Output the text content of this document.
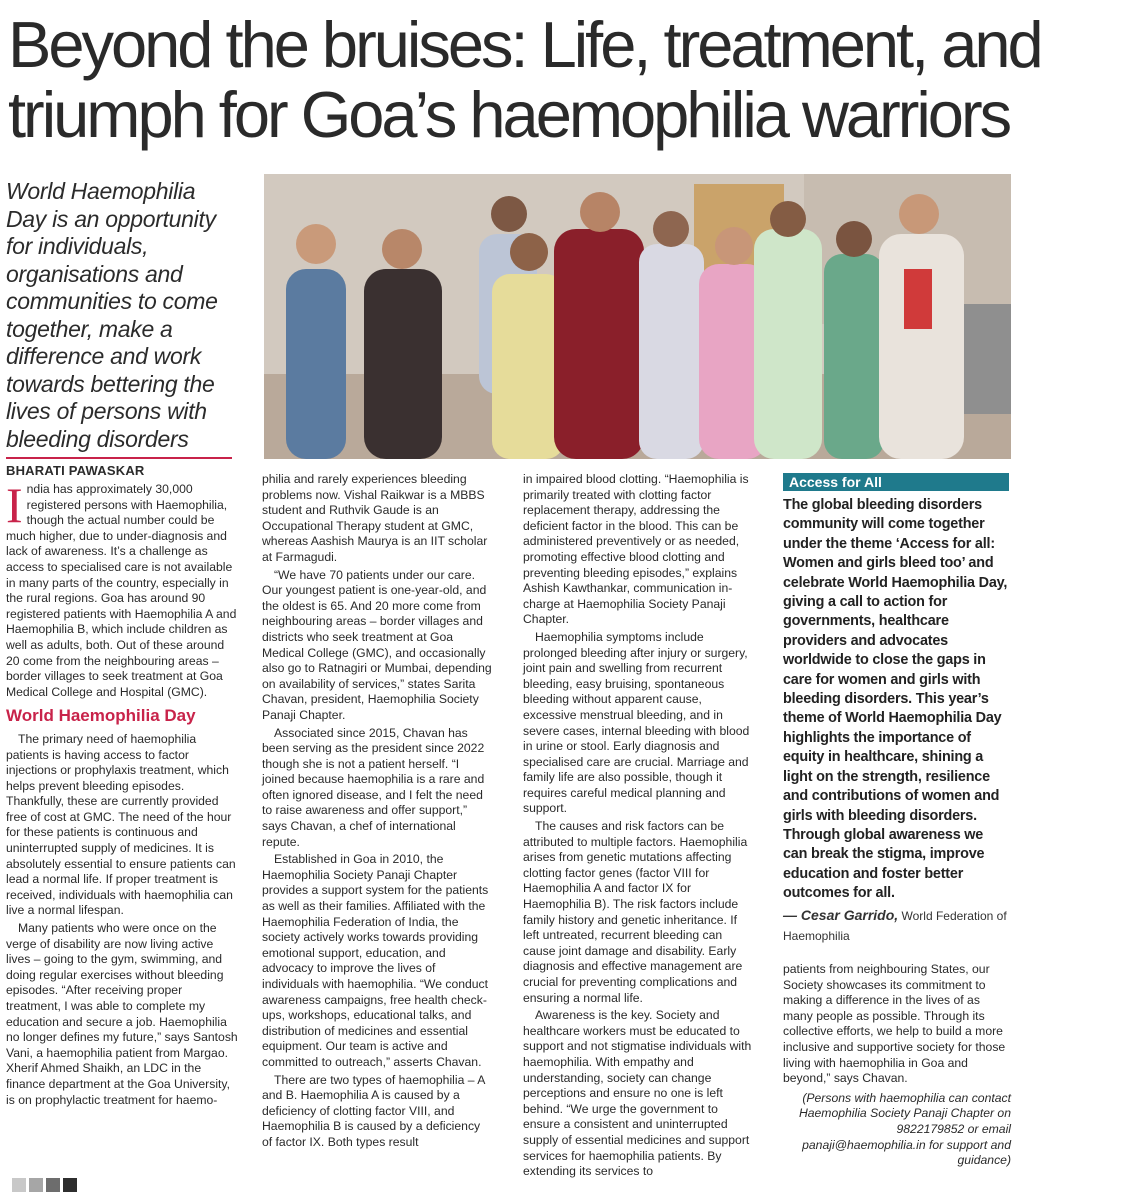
Beyond the bruises: Life, treatment, and triumph for Goa’s haemophilia warriors

World Haemophilia Day is an opportunity for individuals, organisations and communities to come together, make a difference and work towards bettering the lives of persons with bleeding disorders

BHARATI PAWASKAR

India has approximately 30,000 registered persons with Haemophilia, though the actual number could be much higher, due to under-diagnosis and lack of awareness. It’s a challenge as access to specialised care is not available in many parts of the country, especially in the rural regions. Goa has around 90 registered patients with Haemophilia A and Haemophilia B, which include children as well as adults, both. Out of these around 20 come from the neighbouring areas – border villages to seek treatment at Goa Medical College and Hospital (GMC).

World Haemophilia Day

The primary need of haemophilia patients is having access to factor injections or prophylaxis treatment, which helps prevent bleeding episodes. Thankfully, these are currently provided free of cost at GMC. The need of the hour for these patients is continuous and uninterrupted supply of medicines. It is absolutely essential to ensure patients can lead a normal life. If proper treatment is received, individuals with haemophilia can live a normal lifespan.

Many patients who were once on the verge of disability are now living active lives – going to the gym, swimming, and doing regular exercises without bleeding episodes. “After receiving proper treatment, I was able to complete my education and secure a job. Haemophilia no longer defines my future,” says Santosh Vani, a haemophilia patient from Margao. Xherif Ahmed Shaikh, an LDC in the finance department at the Goa University, is on prophylactic treatment for haemo-

philia and rarely experiences bleeding problems now. Vishal Raikwar is a MBBS student and Ruthvik Gaude is an Occupational Therapy student at GMC, whereas Aashish Maurya is an IIT scholar at Farmagudi.

“We have 70 patients under our care. Our youngest patient is one-year-old, and the oldest is 65. And 20 more come from neighbouring areas – border villages and districts who seek treatment at Goa Medical College (GMC), and occasionally also go to Ratnagiri or Mumbai, depending on availability of services,” states Sarita Chavan, president, Haemophilia Society Panaji Chapter.

Associated since 2015, Chavan has been serving as the president since 2022 though she is not a patient herself. “I joined because haemophilia is a rare and often ignored disease, and I felt the need to raise awareness and offer support,” says Chavan, a chef of international repute.

Established in Goa in 2010, the Haemophilia Society Panaji Chapter provides a support system for the patients as well as their families. Affiliated with the Haemophilia Federation of India, the society actively works towards providing emotional support, education, and advocacy to improve the lives of individuals with haemophilia. “We conduct awareness campaigns, free health check-ups, workshops, educational talks, and distribution of medicines and essential equipment. Our team is active and committed to outreach,” asserts Chavan.

There are two types of haemophilia – A and B. Haemophilia A is caused by a deficiency of clotting factor VIII, and Haemophilia B is caused by a deficiency of factor IX. Both types result

in impaired blood clotting. “Haemophilia is primarily treated with clotting factor replacement therapy, addressing the deficient factor in the blood. This can be administered preventively or as needed, promoting effective blood clotting and preventing bleeding episodes,” explains Ashish Kawthankar, communication in-charge at Haemophilia Society Panaji Chapter.

Haemophilia symptoms include prolonged bleeding after injury or surgery, joint pain and swelling from recurrent bleeding, easy bruising, spontaneous bleeding without apparent cause, excessive menstrual bleeding, and in severe cases, internal bleeding with blood in urine or stool. Early diagnosis and specialised care are crucial. Marriage and family life are also possible, though it requires careful medical planning and support.

The causes and risk factors can be attributed to multiple factors. Haemophilia arises from genetic mutations affecting clotting factor genes (factor VIII for Haemophilia A and factor IX for Haemophilia B). The risk factors include family history and genetic inheritance. If left untreated, recurrent bleeding can cause joint damage and disability. Early diagnosis and effective management are crucial for preventing complications and ensuring a normal life.

Awareness is the key. Society and healthcare workers must be educated to support and not stigmatise individuals with haemophilia. With empathy and understanding, society can change perceptions and ensure no one is left behind. “We urge the government to ensure a consistent and uninterrupted supply of essential medicines and support services for haemophilia patients. By extending its services to

Access for All

The global bleeding disorders community will come together under the theme ‘Access for all: Women and girls bleed too’ and celebrate World Haemophilia Day, giving a call to action for governments, healthcare providers and advocates worldwide to close the gaps in care for women and girls with bleeding disorders. This year’s theme of World Haemophilia Day highlights the importance of equity in healthcare, shining a light on the strength, resilience and contributions of women and girls with bleeding disorders. Through global awareness we can break the stigma, improve education and foster better outcomes for all.

— Cesar Garrido, World Federation of Haemophilia

patients from neighbouring States, our Society showcases its commitment to making a difference in the lives of as many people as possible. Through its collective efforts, we help to build a more inclusive and supportive society for those living with haemophilia in Goa and beyond,” says Chavan.

(Persons with haemophilia can contact Haemophilia Society Panaji Chapter on 9822179852 or email panaji@haemophilia.in for support and guidance)
